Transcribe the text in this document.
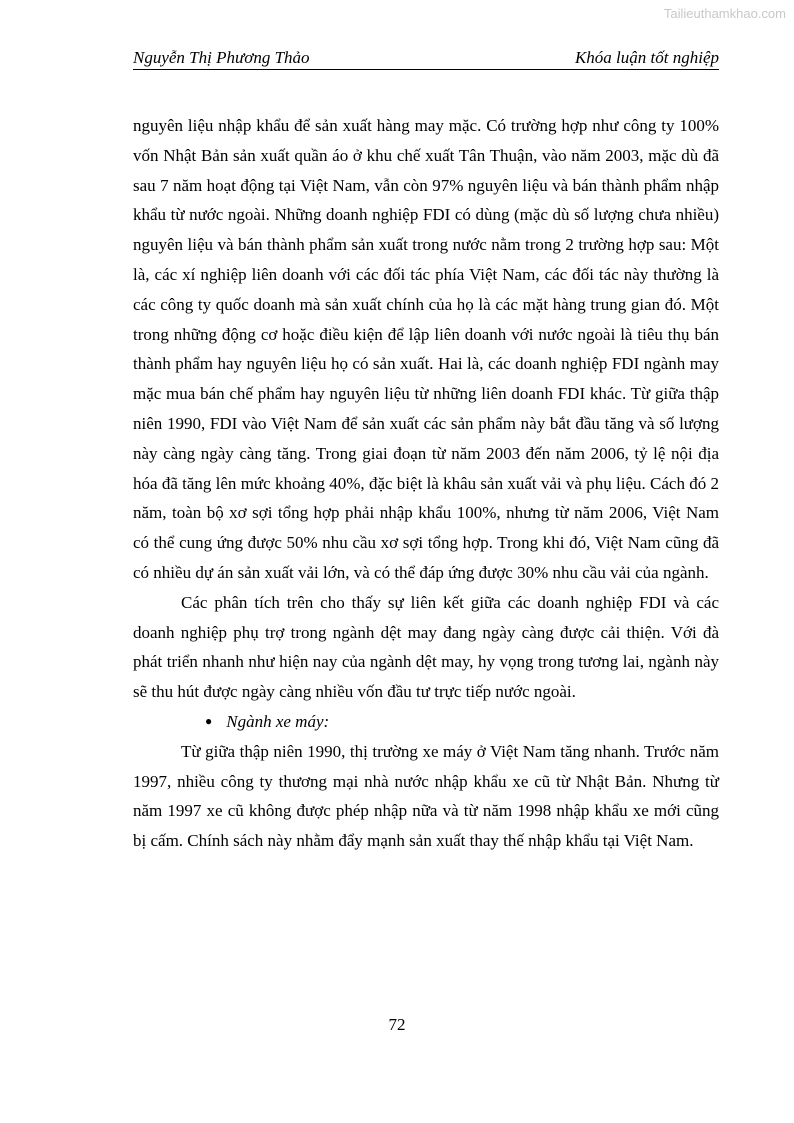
Tailieuthamkhao.com
Nguyễn Thị Phương Thảo	Khóa luận tốt nghiệp

nguyên liệu nhập khẩu để sản xuất hàng may mặc. Có trường hợp như công ty 100% vốn Nhật Bản sản xuất quần áo ở khu chế xuất Tân Thuận, vào năm 2003, mặc dù đã sau 7 năm hoạt động tại Việt Nam, vẫn còn 97% nguyên liệu và bán thành phẩm nhập khẩu từ nước ngoài. Những doanh nghiệp FDI có dùng (mặc dù số lượng chưa nhiều) nguyên liệu và bán thành phẩm sản xuất trong nước nằm trong 2 trường hợp sau: Một là, các xí nghiệp liên doanh với các đối tác phía Việt Nam, các đối tác này thường là các công ty quốc doanh mà sản xuất chính của họ là các mặt hàng trung gian đó. Một trong những động cơ hoặc điều kiện để lập liên doanh với nước ngoài là tiêu thụ bán thành phẩm hay nguyên liệu họ có sản xuất. Hai là, các doanh nghiệp FDI ngành may mặc mua bán chế phẩm hay nguyên liệu từ những liên doanh FDI khác. Từ giữa thập niên 1990, FDI vào Việt Nam để sản xuất các sản phẩm này bắt đầu tăng và số lượng này càng ngày càng tăng. Trong giai đoạn từ năm 2003 đến năm 2006, tỷ lệ nội địa hóa đã tăng lên mức khoảng 40%, đặc biệt là khâu sản xuất vải và phụ liệu. Cách đó 2 năm, toàn bộ xơ sợi tổng hợp phải nhập khẩu 100%, nhưng từ năm 2006, Việt Nam có thể cung ứng được 50% nhu cầu xơ sợi tổng hợp. Trong khi đó, Việt Nam cũng đã có nhiều dự án sản xuất vải lớn, và có thể đáp ứng được 30% nhu cầu vải của ngành.

Các phân tích trên cho thấy sự liên kết giữa các doanh nghiệp FDI và các doanh nghiệp phụ trợ trong ngành dệt may đang ngày càng được cải thiện. Với đà phát triển nhanh như hiện nay của ngành dệt may, hy vọng trong tương lai, ngành này sẽ thu hút được ngày càng nhiều vốn đầu tư trực tiếp nước ngoài.

● Ngành xe máy:

Từ giữa thập niên 1990, thị trường xe máy ở Việt Nam tăng nhanh. Trước năm 1997, nhiều công ty thương mại nhà nước nhập khẩu xe cũ từ Nhật Bản. Nhưng từ năm 1997 xe cũ không được phép nhập nữa và từ năm 1998 nhập khẩu xe mới cũng bị cấm. Chính sách này nhằm đẩy mạnh sản xuất thay thế nhập khẩu tại Việt Nam.

72
